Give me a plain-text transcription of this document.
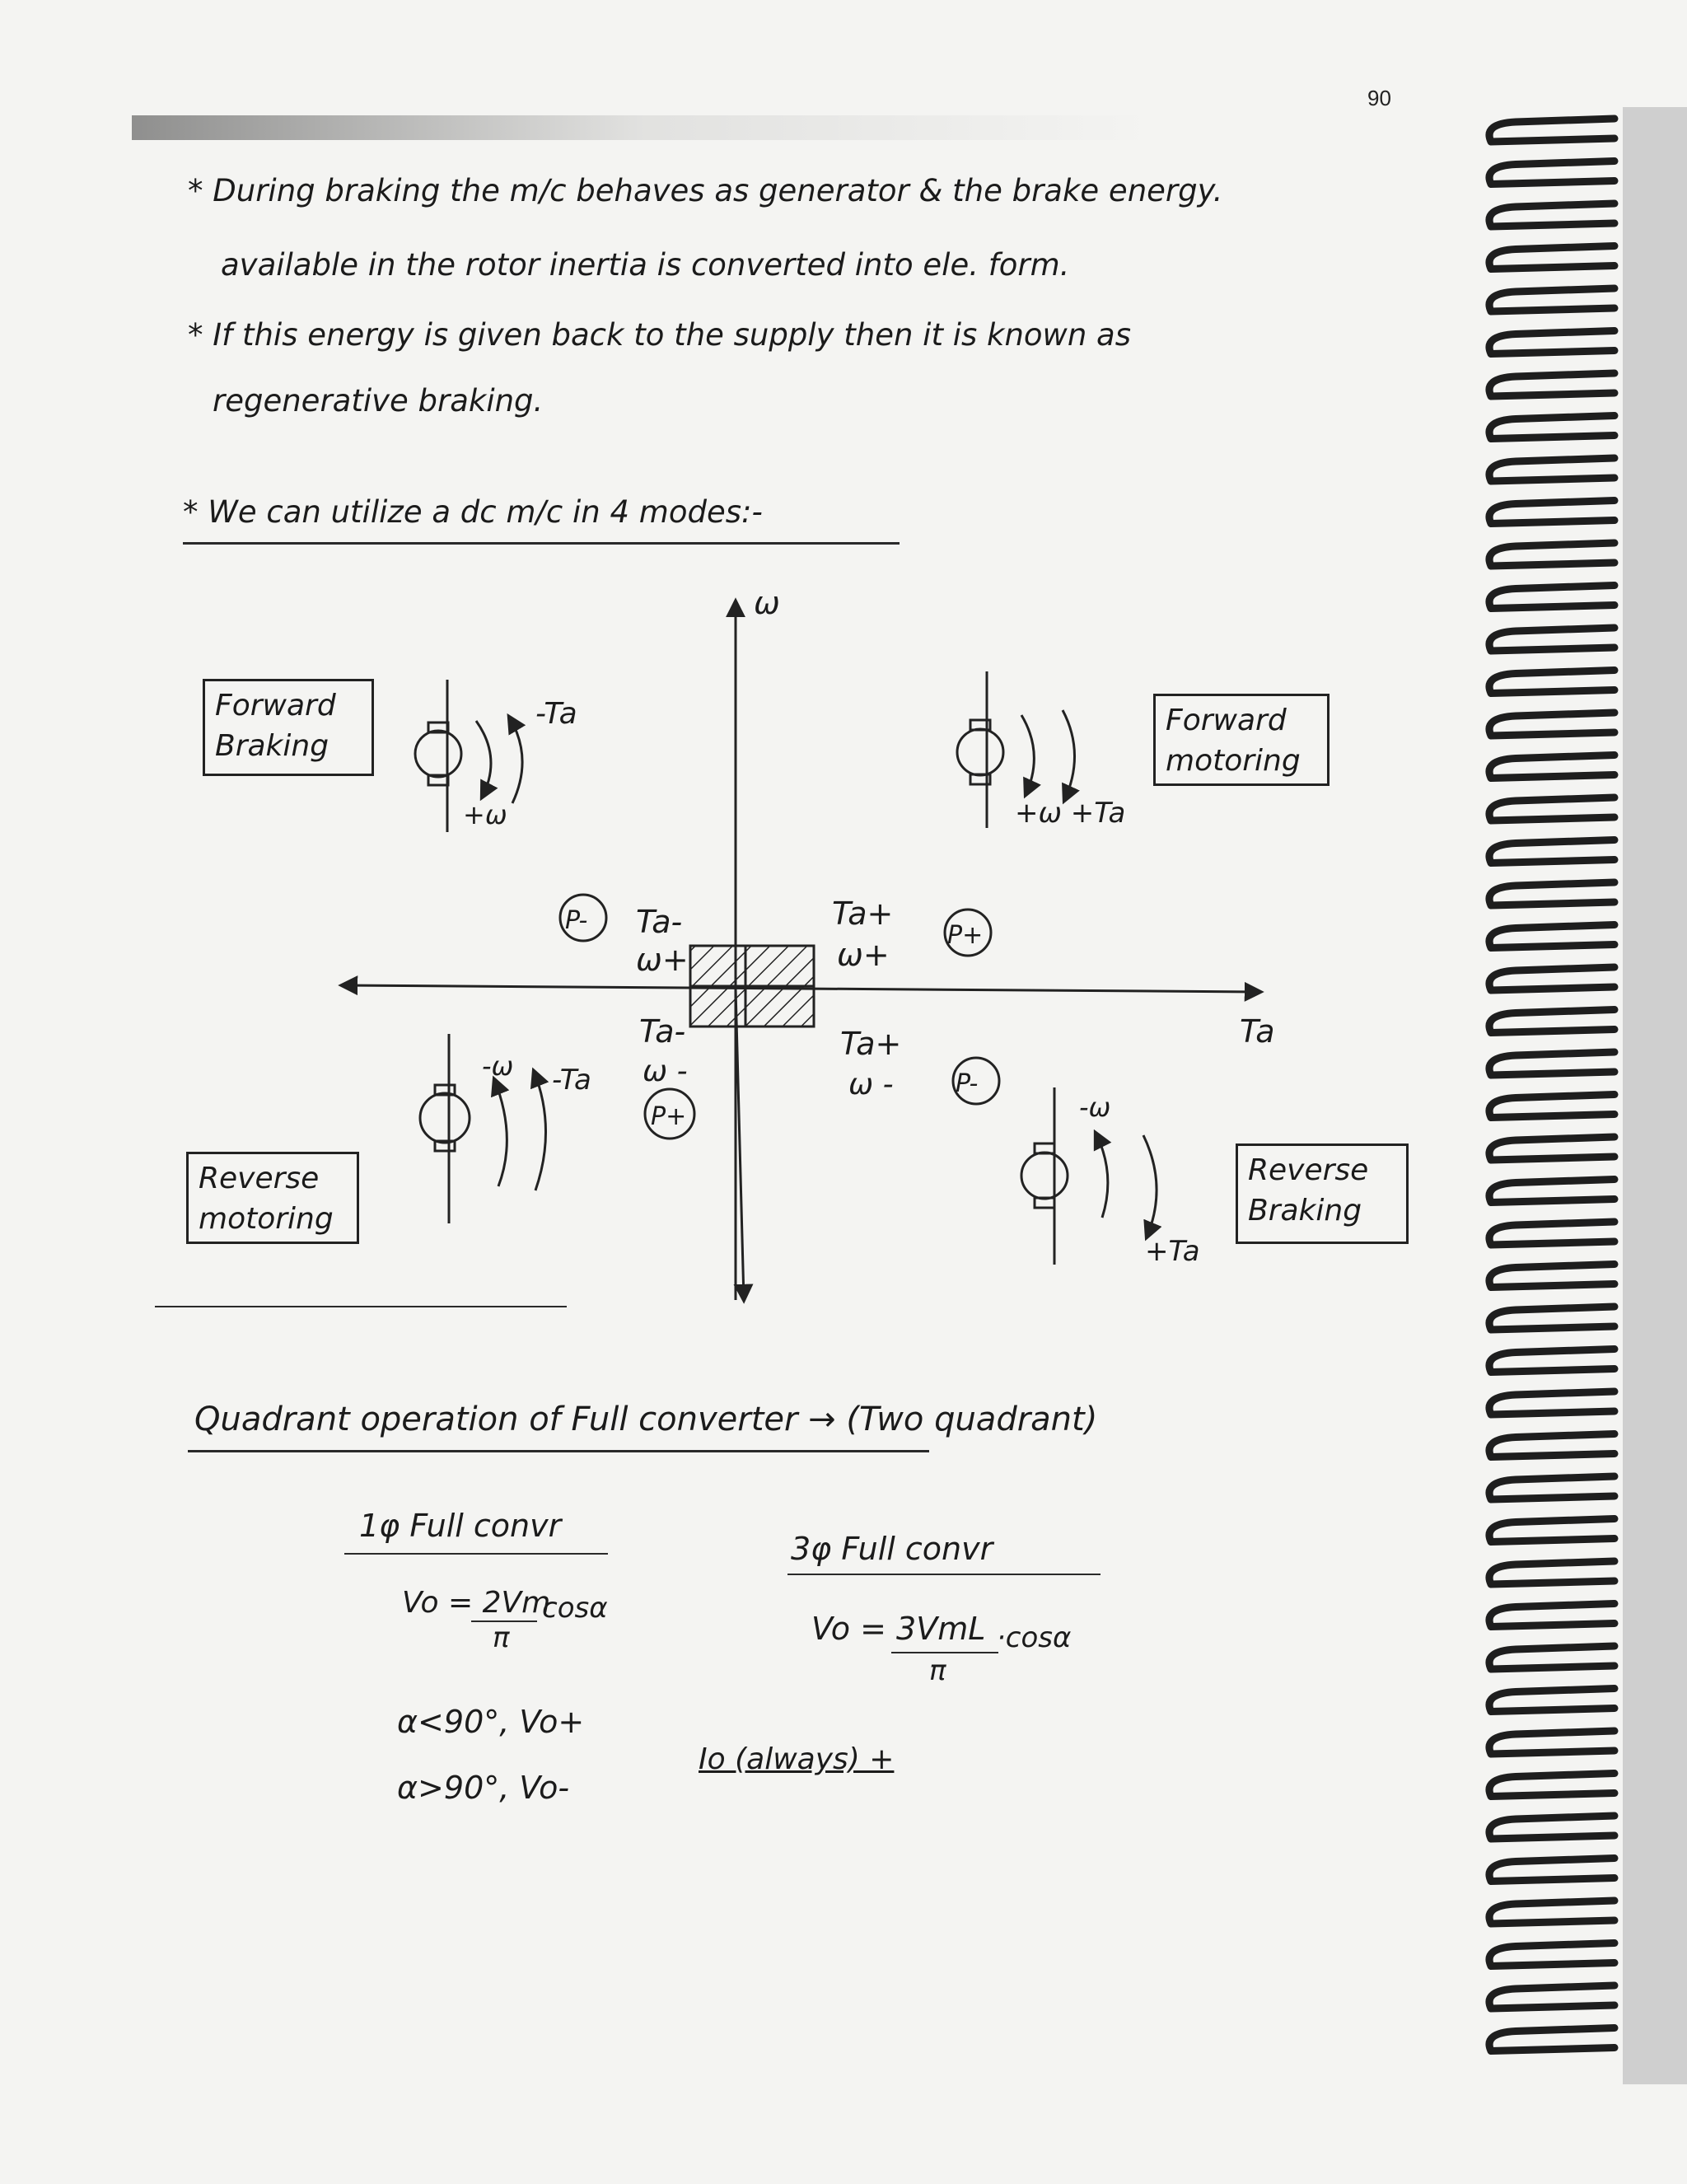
90
* During braking the m/c behaves as generator & the brake energy.
available in the rotor inertia is converted into ele. form.
* If this energy is given back to the supply then it is known as
regenerative braking.
* We can utilize a dc m/c in 4 modes:-
Forward
Braking
Forward
motoring
Reverse
motoring
Reverse
Braking
ω
Ta
P- Ta-
ω+
Ta+
ω+
P+
Ta-
ω -
P+
Ta+
ω -	P-
-Ta
+ω	+ω +Ta
-ω -Ta
-ω
+Ta
Quadrant operation of Full converter → (Two quadrant)
1φ Full convr
3φ Full convr
Vo = 2Vm
cosα
π	Vo = 3VmL ·cosα
π
α<90°, Vo+
α>90°, Vo-
Io (always) +
